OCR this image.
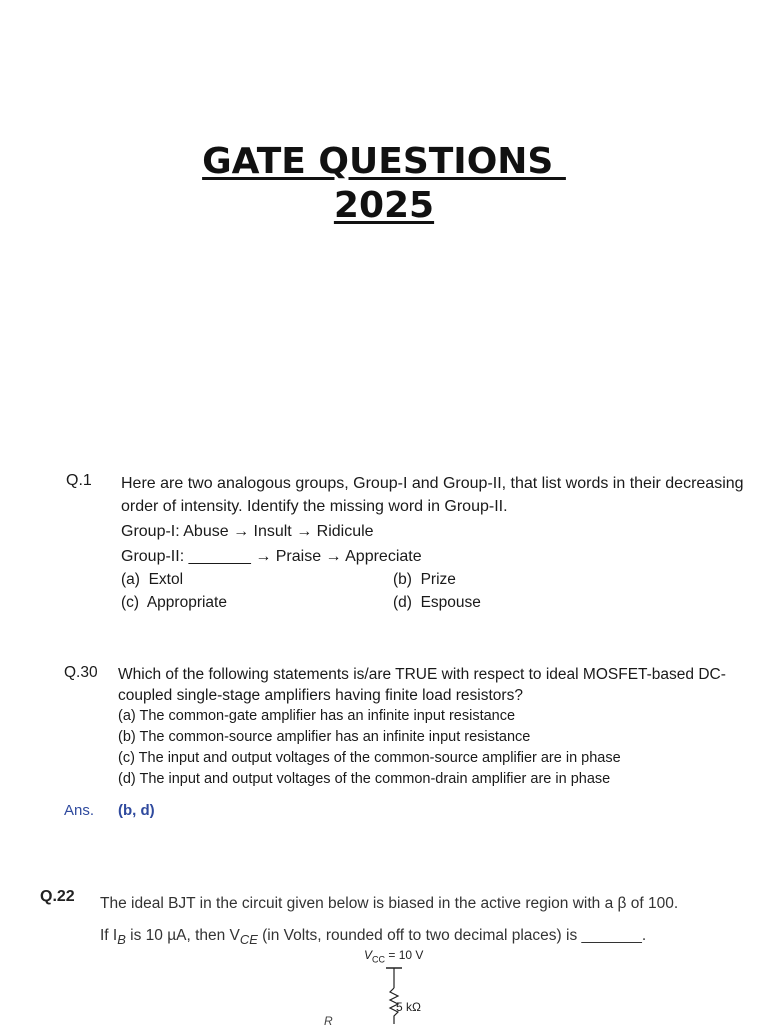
GATE QUESTIONS
2025
Q.1 Here are two analogous groups, Group-I and Group-II, that list words in their decreasing
order of intensity. Identify the missing word in Group-II.
Group-I: Abuse → Insult → Ridicule
Group-II: _______ → Praise → Appreciate
(a) Extol	(b) Prize
(c) Appropriate	(d) Espouse
Q.30 Which of the following statements is/are TRUE with respect to ideal MOSFET-based DC-
coupled single-stage amplifiers having finite load resistors?
(a) The common-gate amplifier has an infinite input resistance
(b) The common-source amplifier has an infinite input resistance
(c) The input and output voltages of the common-source amplifier are in phase
(d) The input and output voltages of the common-drain amplifier are in phase
Ans. (b, d)
Q.22 The ideal BJT in the circuit given below is biased in the active region with a β of 100.
If $I_B$ is 10 µA, then $V_{CE}$ (in Volts, rounded off to two decimal places) is _______.
$V_{CC} = 10$ V
5 kΩ
R
